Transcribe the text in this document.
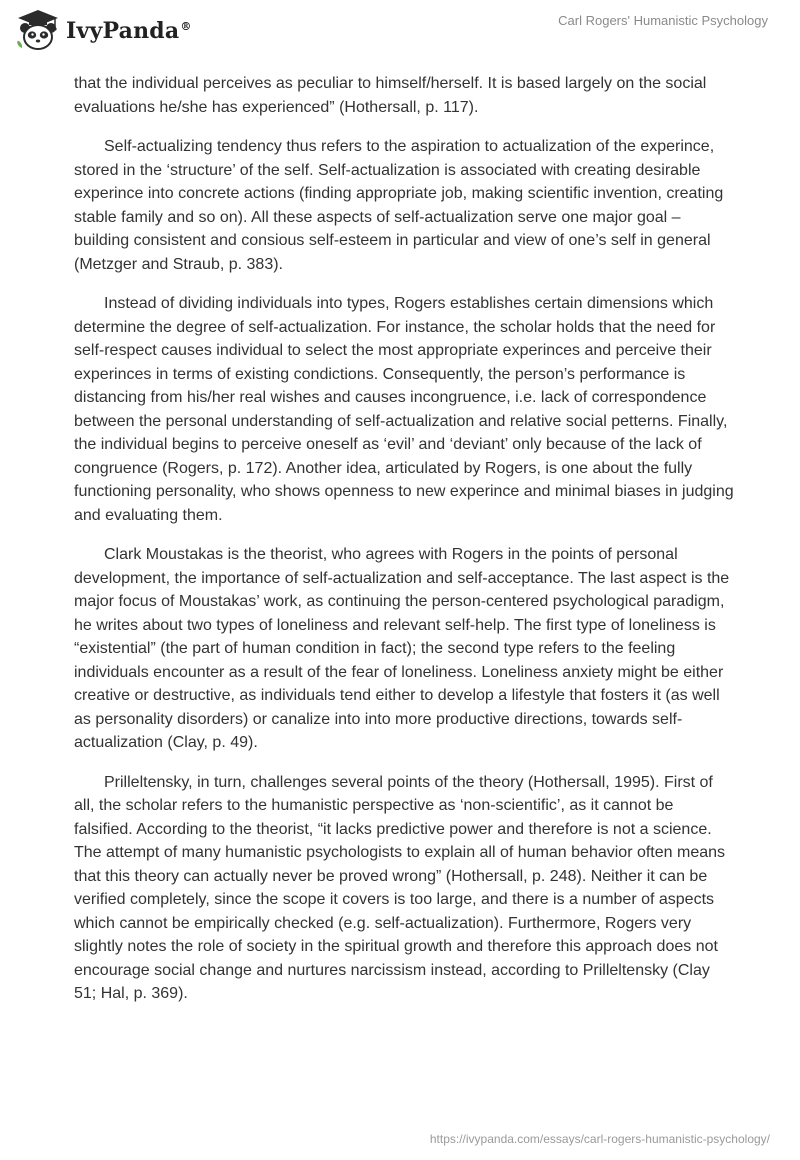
IvyPanda®	Carl Rogers' Humanistic Psychology

that the individual perceives as peculiar to himself/herself. It is based largely on the social evaluations he/she has experienced” (Hothersall, p. 117).

Self-actualizing tendency thus refers to the aspiration to actualization of the experince, stored in the ‘structure’ of the self. Self-actualization is associated with creating desirable experince into concrete actions (finding appropriate job, making scientific invention, creating stable family and so on). All these aspects of self-actualization serve one major goal – building consistent and consious self-esteem in particular and view of one’s self in general (Metzger and Straub, p. 383).

Instead of dividing individuals into types, Rogers establishes certain dimensions which determine the degree of self-actualization. For instance, the scholar holds that the need for self-respect causes individual to select the most appropriate experinces and perceive their experinces in terms of existing condictions. Consequently, the person’s performance is distancing from his/her real wishes and causes incongruence, i.e. lack of correspondence between the personal understanding of self-actualization and relative social petterns. Finally, the individual begins to perceive oneself as ‘evil’ and ‘deviant’ only because of the lack of congruence (Rogers, p. 172). Another idea, articulated by Rogers, is one about the fully functioning personality, who shows openness to new experince and minimal biases in judging and evaluating them.

Clark Moustakas is the theorist, who agrees with Rogers in the points of personal development, the importance of self-actualization and self-acceptance. The last aspect is the major focus of Moustakas’ work, as continuing the person-centered psychological paradigm, he writes about two types of loneliness and relevant self-help. The first type of loneliness is “existential” (the part of human condition in fact); the second type refers to the feeling individuals encounter as a result of the fear of loneliness. Loneliness anxiety might be either creative or destructive, as individuals tend either to develop a lifestyle that fosters it (as well as personality disorders) or canalize into into more productive directions, towards self-actualization (Clay, p. 49).

Prilleltensky, in turn, challenges several points of the theory (Hothersall, 1995). First of all, the scholar refers to the humanistic perspective as ‘non-scientific’, as it cannot be falsified. According to the theorist, “it lacks predictive power and therefore is not a science. The attempt of many humanistic psychologists to explain all of human behavior often means that this theory can actually never be proved wrong” (Hothersall, p. 248). Neither it can be verified completely, since the scope it covers is too large, and there is a number of aspects which cannot be empirically checked (e.g. self-actualization). Furthermore, Rogers very slightly notes the role of society in the spiritual growth and therefore this approach does not encourage social change and nurtures narcissism instead, according to Prilleltensky (Clay 51; Hal, p. 369).

https://ivypanda.com/essays/carl-rogers-humanistic-psychology/
